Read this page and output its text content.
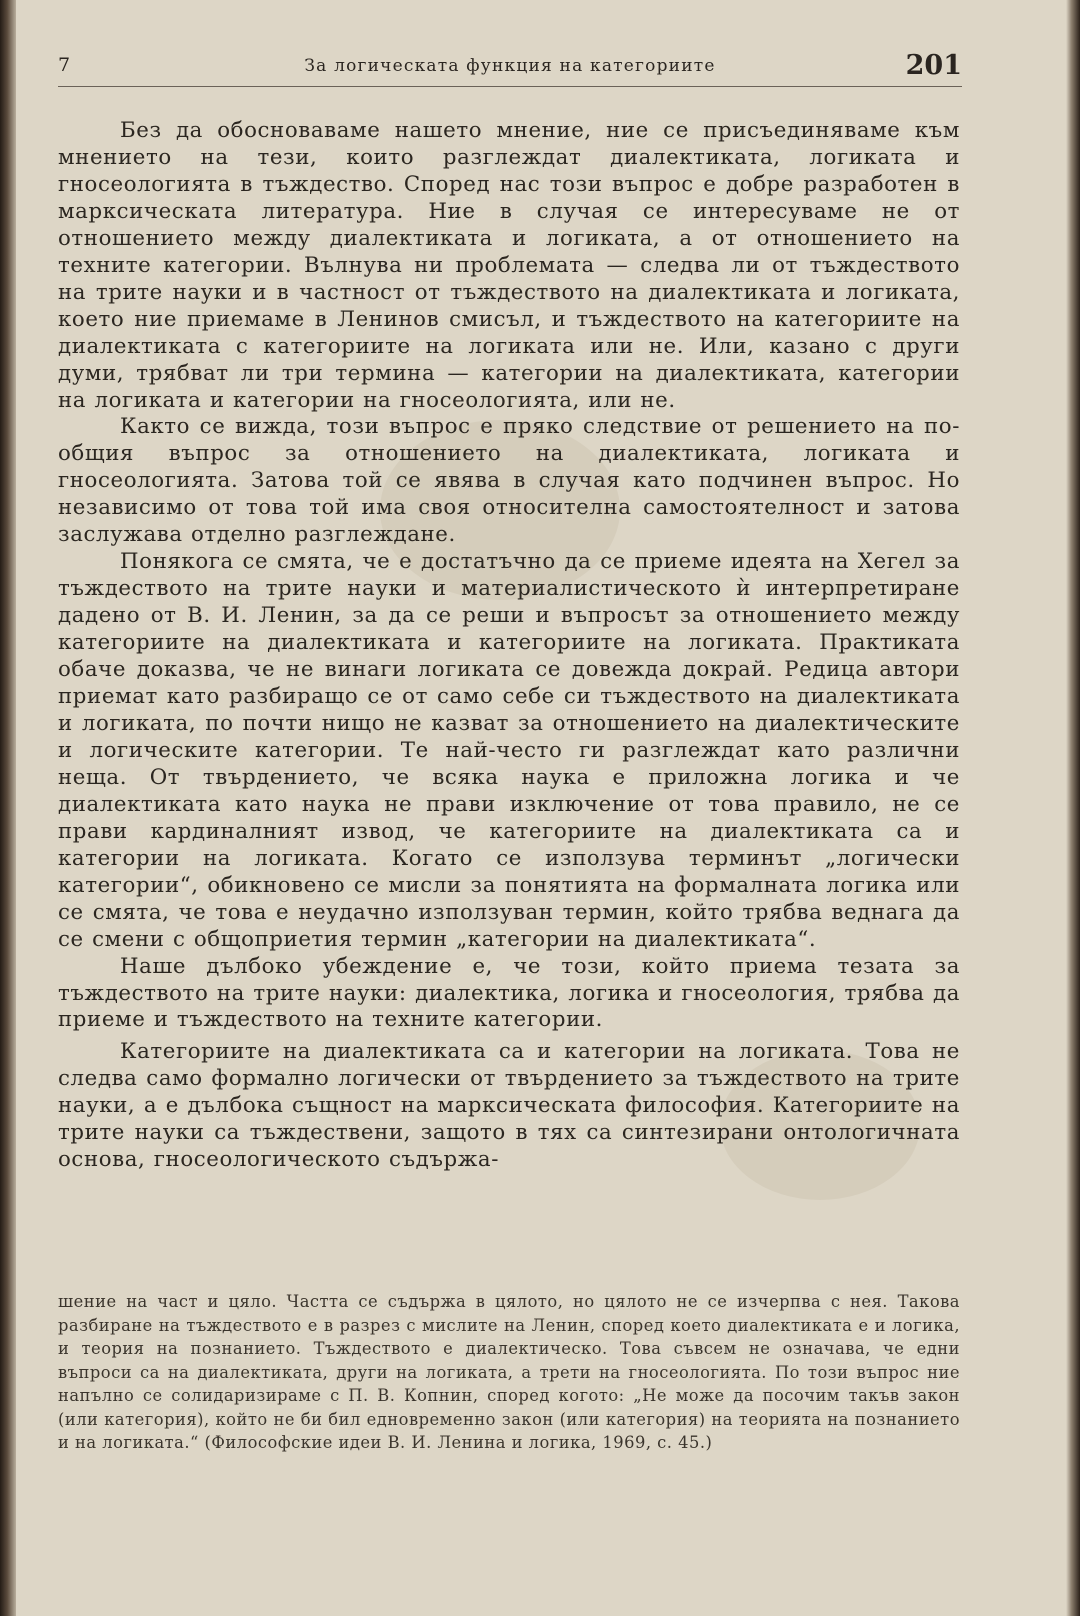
7	За логическата функция на категориите	201

Без да обосноваваме нашето мнение, ние се присъединяваме към мнението на тези, които разглеждат диалектиката, логиката и гносеологията в тъждество. Според нас този въпрос е добре разработен в марксическата литература. Ние в случая се интересуваме не от отношението между диалектиката и логиката, а от отношението на техните категории. Вълнува ни проблемата — следва ли от тъждеството на трите науки и в частност от тъждеството на диалектиката и логиката, което ние приемаме в Ленинов смисъл, и тъждеството на категориите на диалектиката с категориите на логиката или не. Или, казано с други думи, трябват ли три термина — категории на диалектиката, категории на логиката и категории на гносеологията, или не.

Както се вижда, този въпрос е пряко следствие от решението на по-общия въпрос за отношението на диалектиката, логиката и гносеологията. Затова той се явява в случая като подчинен въпрос. Но независимо от това той има своя относителна самостоятелност и затова заслужава отделно разглеждане.

Понякога се смята, че е достатъчно да се приеме идеята на Хегел за тъждеството на трите науки и материалистическото ѝ интерпретиране дадено от В. И. Ленин, за да се реши и въпросът за отношението между категориите на диалектиката и категориите на логиката. Практиката обаче доказва, че не винаги логиката се довежда докрай. Редица автори приемат като разбиращо се от само себе си тъждеството на диалектиката и логиката, по почти нищо не казват за отношението на диалектическите и логическите категории. Те най-често ги разглеждат като различни неща. От твърдението, че всяка наука е приложна логика и че диалектиката като наука не прави изключение от това правило, не се прави кардиналният извод, че категориите на диалектиката са и категории на логиката. Когато се използува терминът „логически категории“, обикновено се мисли за понятията на формалната логика или се смята, че това е неудачно използуван термин, който трябва веднага да се смени с общоприетия термин „категории на диалектиката“.

Наше дълбоко убеждение е, че този, който приема тезата за тъждеството на трите науки: диалектика, логика и гносеология, трябва да приеме и тъждеството на техните категории.

Категориите на диалектиката са и категории на логиката. Това не следва само формално логически от твърдението за тъждеството на трите науки, а е дълбока същност на марксическата философия. Категориите на трите науки са тъждествени, защото в тях са синтезирани онтологичната основа, гносеологическото съдържа-

шение на част и цяло. Частта се съдържа в цялото, но цялото не се изчерпва с нея. Такова разбиране на тъждеството е в разрез с мислите на Ленин, според което диалектиката е и логика, и теория на познанието. Тъждеството е диалектическо. Това съвсем не означава, че едни въпроси са на диалектиката, други на логиката, а трети на гносеологията. По този въпрос ние напълно се солидаризираме с П. В. Копнин, според когото: „Не може да посочим такъв закон (или категория), който не би бил едновременно закон (или категория) на теорията на познанието и на логиката.“ (Философские идеи В. И. Ленина и логика, 1969, с. 45.)
